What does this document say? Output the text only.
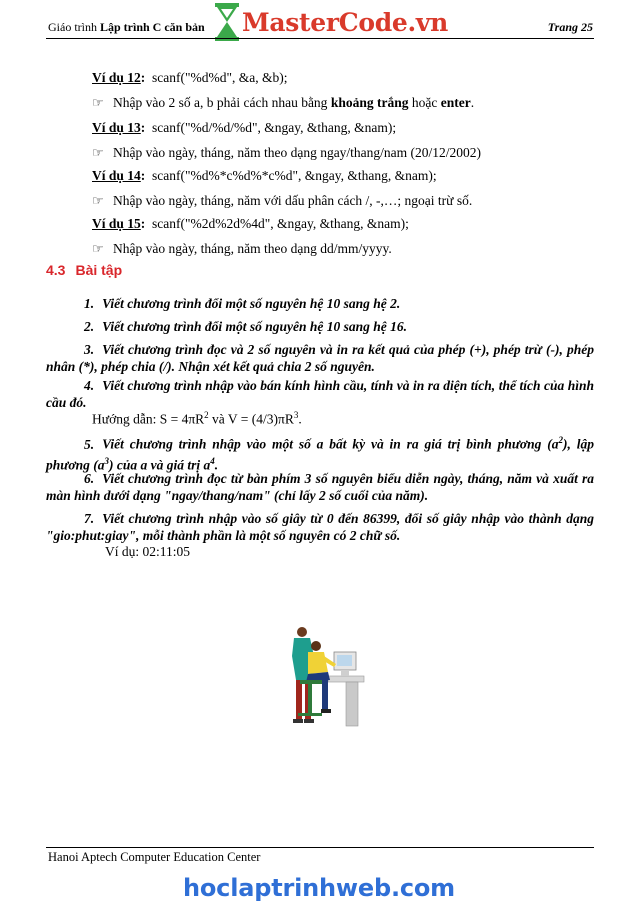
Giáo trình Lập trình C căn bản MasterCode.vn	Trang 25
Ví dụ 12: scanf("%d%d", &a, &b);
☞ Nhập vào 2 số a, b phải cách nhau bằng khoảng trắng hoặc enter.
Ví dụ 13: scanf("%d/%d/%d", &ngay, &thang, &nam);
☞ Nhập vào ngày, tháng, năm theo dạng ngay/thang/nam (20/12/2002)
Ví dụ 14: scanf("%d%*c%d%*c%d", &ngay, &thang, &nam);
☞ Nhập vào ngày, tháng, năm với dấu phân cách /, -,…; ngoại trừ số.
Ví dụ 15: scanf("%2d%2d%4d", &ngay, &thang, &nam);
☞ Nhập vào ngày, tháng, năm theo dạng dd/mm/yyyy.
4.3 Bài tập
1. Viết chương trình đổi một số nguyên hệ 10 sang hệ 2.
2. Viết chương trình đổi một số nguyên hệ 10 sang hệ 16.
3. Viết chương trình đọc và 2 số nguyên và in ra kết quả của phép (+), phép trừ (-), phép nhân (*), phép chia (/). Nhận xét kết quả chia 2 số nguyên.
4. Viết chương trình nhập vào bán kính hình cầu, tính và in ra diện tích, thể tích của hình cầu đó.
Hướng dẫn: $S = 4\pi R^2$ và $V = (4/3)\pi R^3$.
5. Viết chương trình nhập vào một số a bất kỳ và in ra giá trị bình phương $(a^2)$, lập phương $(a^3)$ của a và giá trị $a^4$.
6. Viết chương trình đọc từ bàn phím 3 số nguyên biểu diễn ngày, tháng, năm và xuất ra màn hình dưới dạng "ngay/thang/nam" (chỉ lấy 2 số cuối của năm).
7. Viết chương trình nhập vào số giây từ 0 đến 86399, đổi số giây nhập vào thành dạng "gio:phut:giay", mỗi thành phần là một số nguyên có 2 chữ số.
Ví dụ: 02:11:05
Hanoi Aptech Computer Education Center
hoclaptrinhweb.com
